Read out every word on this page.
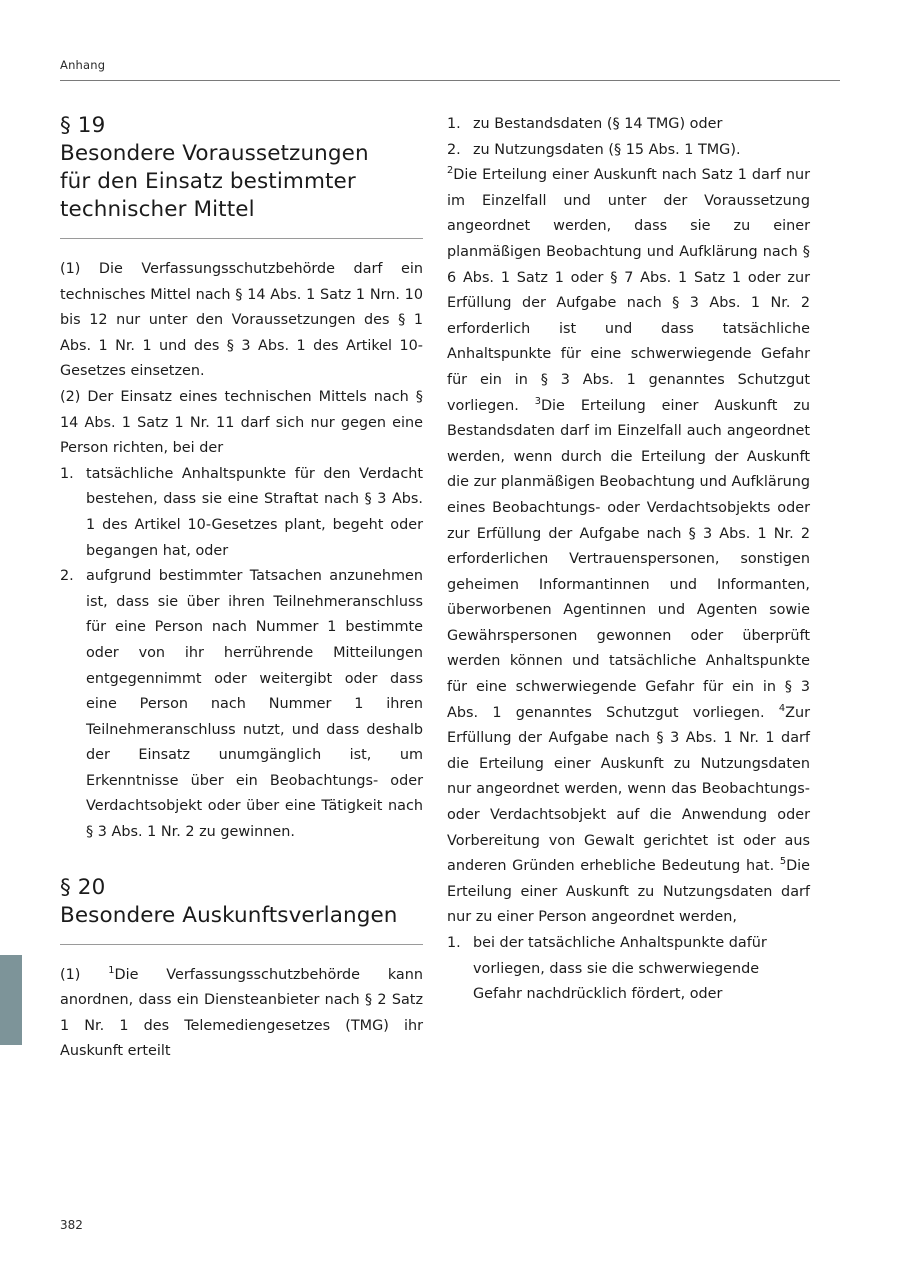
Anhang
382
§ 19
Besondere Voraussetzungen
für den Einsatz bestimmter
technischer Mittel

(1) Die Verfassungsschutzbehörde darf ein technisches Mittel nach § 14 Abs. 1 Satz 1 Nrn. 10 bis 12 nur unter den Voraussetzungen des § 1 Abs. 1 Nr. 1 und des § 3 Abs. 1 des Artikel 10-Gesetzes einsetzen.

(2) Der Einsatz eines technischen Mittels nach § 14 Abs. 1 Satz 1 Nr. 11 darf sich nur gegen eine Person richten, bei der

1. tatsächliche Anhaltspunkte für den Verdacht bestehen, dass sie eine Straftat nach § 3 Abs. 1 des Artikel 10-Gesetzes plant, begeht oder begangen hat, oder
2. aufgrund bestimmter Tatsachen anzunehmen ist, dass sie über ihren Teilnehmeranschluss für eine Person nach Nummer 1 bestimmte oder von ihr herrührende Mitteilungen entgegennimmt oder weitergibt oder dass eine Person nach Nummer 1 ihren Teilnehmeranschluss nutzt, und dass deshalb der Einsatz unumgänglich ist, um Erkenntnisse über ein Beobachtungs- oder Verdachtsobjekt oder über eine Tätigkeit nach § 3 Abs. 1 Nr. 2 zu gewinnen.
§ 20
Besondere Auskunftsverlangen

(1) $^1$Die Verfassungsschutzbehörde kann anordnen, dass ein Diensteanbieter nach § 2 Satz 1 Nr. 1 des Telemediengesetzes (TMG) ihr Auskunft erteilt

1. zu Bestandsdaten (§ 14 TMG) oder
2. zu Nutzungsdaten (§ 15 Abs. 1 TMG).

$^2$Die Erteilung einer Auskunft nach Satz 1 darf nur im Einzelfall und unter der Voraussetzung angeordnet werden, dass sie zu einer planmäßigen Beobachtung und Aufklärung nach § 6 Abs. 1 Satz 1 oder § 7 Abs. 1 Satz 1 oder zur Erfüllung der Aufgabe nach § 3 Abs. 1 Nr. 2 erforderlich ist und dass tatsächliche Anhaltspunkte für eine schwerwiegende Gefahr für ein in § 3 Abs. 1 genanntes Schutzgut vorliegen. $^3$Die Erteilung einer Auskunft zu Bestandsdaten darf im Einzelfall auch angeordnet werden, wenn durch die Erteilung der Auskunft die zur planmäßigen Beobachtung und Aufklärung eines Beobachtungs- oder Verdachtsobjekts oder zur Erfüllung der Aufgabe nach § 3 Abs. 1 Nr. 2 erforderlichen Vertrauenspersonen, sonstigen geheimen Informantinnen und Informanten, überworbenen Agentinnen und Agenten sowie Gewährspersonen gewonnen oder überprüft werden können und tatsächliche Anhaltspunkte für eine schwerwiegende Gefahr für ein in § 3 Abs. 1 genanntes Schutzgut vorliegen. $^4$Zur Erfüllung der Aufgabe nach § 3 Abs. 1 Nr. 1 darf die Erteilung einer Auskunft zu Nutzungsdaten nur angeordnet werden, wenn das Beobachtungs- oder Verdachtsobjekt auf die Anwendung oder Vorbereitung von Gewalt gerichtet ist oder aus anderen Gründen erhebliche Bedeutung hat. $^5$Die Erteilung einer Auskunft zu Nutzungsdaten darf nur zu einer Person angeordnet werden,

1. bei der tatsächliche Anhaltspunkte dafür vorliegen, dass sie die schwerwiegende Gefahr nachdrücklich fördert, oder
